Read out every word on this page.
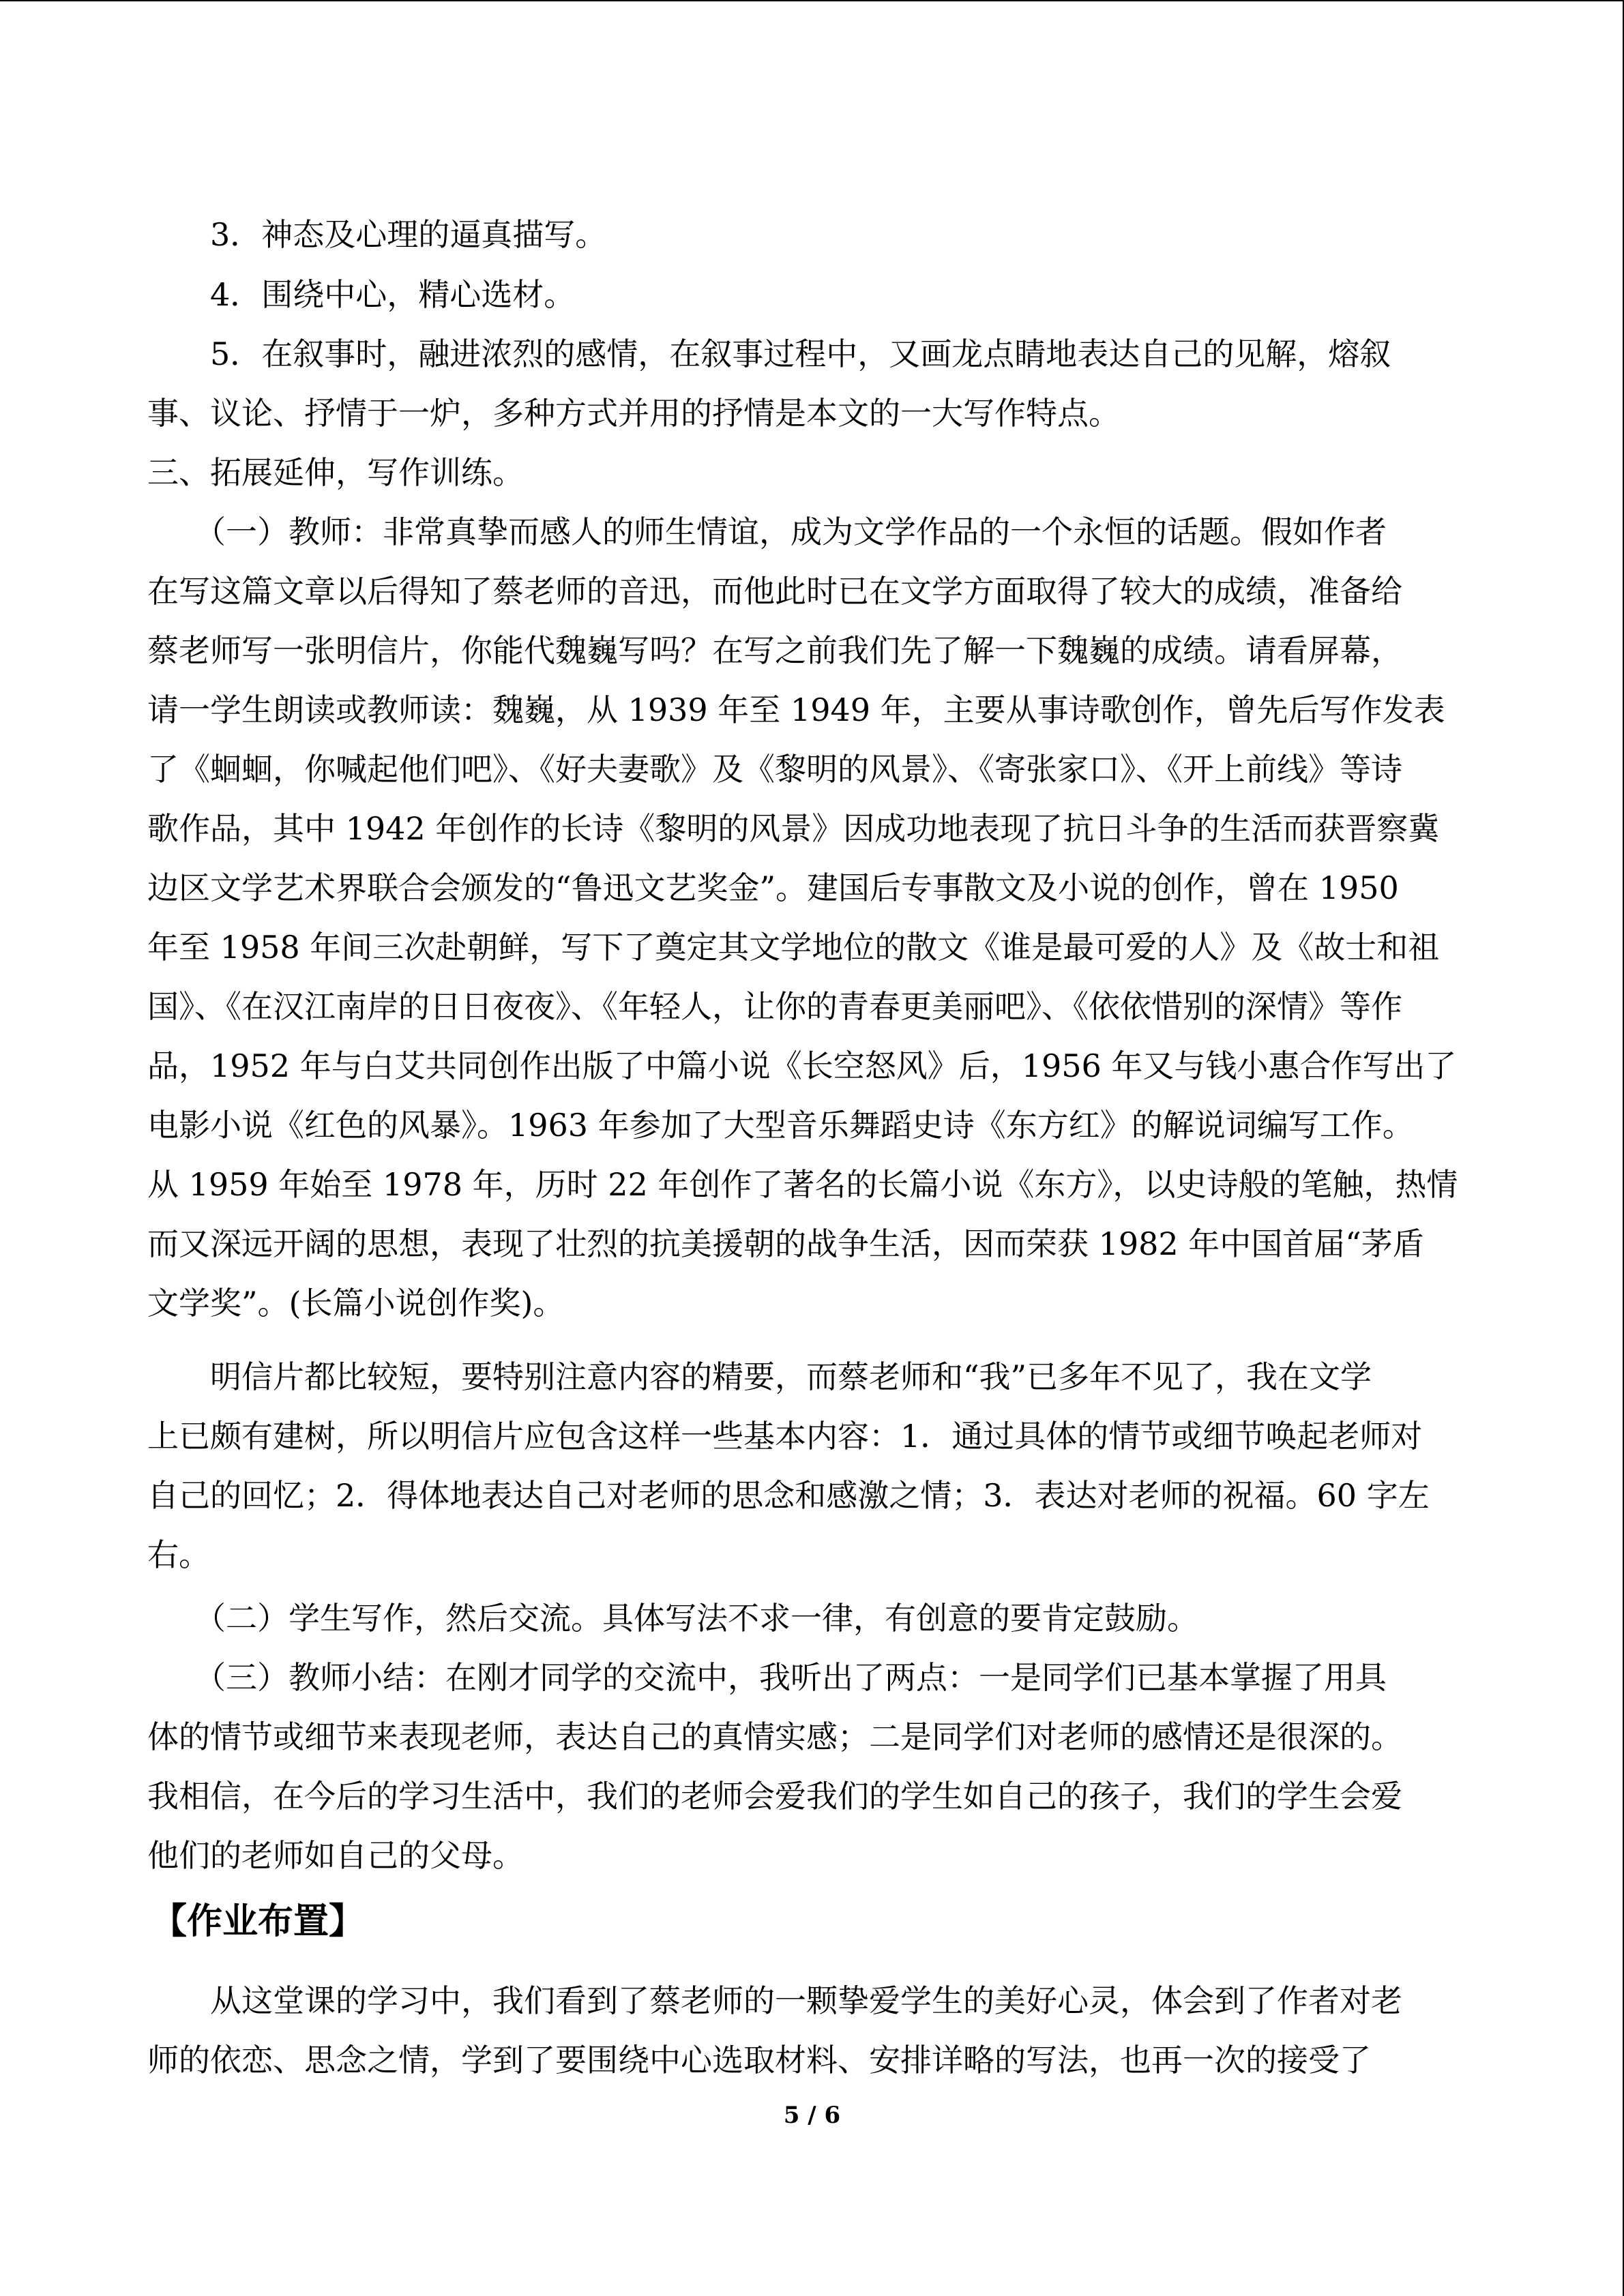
　　3．神态及心理的逼真描写。
　　4．围绕中心，精心选材。
　　5．在叙事时，融进浓烈的感情，在叙事过程中，又画龙点睛地表达自己的见解，熔叙
事、议论、抒情于一炉，多种方式并用的抒情是本文的一大写作特点。
三、拓展延伸，写作训练。
　　（一）教师：非常真挚而感人的师生情谊，成为文学作品的一个永恒的话题。假如作者
在写这篇文章以后得知了蔡老师的音迅，而他此时已在文学方面取得了较大的成绩，准备给
蔡老师写一张明信片，你能代魏巍写吗？在写之前我们先了解一下魏巍的成绩。请看屏幕，
请一学生朗读或教师读：魏巍，从 1939 年至 1949 年，主要从事诗歌创作，曾先后写作发表
了《蛔蛔，你喊起他们吧》、《好夫妻歌》及《黎明的风景》、《寄张家口》、《开上前线》等诗
歌作品，其中 1942 年创作的长诗《黎明的风景》因成功地表现了抗日斗争的生活而获晋察冀
边区文学艺术界联合会颁发的“鲁迅文艺奖金”。建国后专事散文及小说的创作，曾在 1950
年至 1958 年间三次赴朝鲜，写下了奠定其文学地位的散文《谁是最可爱的人》及《故士和祖
国》、《在汉江南岸的日日夜夜》、《年轻人，让你的青春更美丽吧》、《依依惜别的深情》等作
品，1952 年与白艾共同创作出版了中篇小说《长空怒风》后，1956 年又与钱小惠合作写出了
电影小说《红色的风暴》。1963 年参加了大型音乐舞蹈史诗《东方红》的解说词编写工作。
从 1959 年始至 1978 年，历时 22 年创作了著名的长篇小说《东方》，以史诗般的笔触，热情
而又深远开阔的思想，表现了壮烈的抗美援朝的战争生活，因而荣获 1982 年中国首届“茅盾
文学奖”。(长篇小说创作奖)。
　　明信片都比较短，要特别注意内容的精要，而蔡老师和“我”已多年不见了，我在文学
上已颇有建树，所以明信片应包含这样一些基本内容：1．通过具体的情节或细节唤起老师对
自己的回忆；2．得体地表达自己对老师的思念和感激之情；3．表达对老师的祝福。60 字左
右。
　　（二）学生写作，然后交流。具体写法不求一律，有创意的要肯定鼓励。
　　（三）教师小结：在刚才同学的交流中，我听出了两点：一是同学们已基本掌握了用具
体的情节或细节来表现老师，表达自己的真情实感；二是同学们对老师的感情还是很深的。
我相信，在今后的学习生活中，我们的老师会爱我们的学生如自己的孩子，我们的学生会爱
他们的老师如自己的父母。
【作业布置】
　　从这堂课的学习中，我们看到了蔡老师的一颗挚爱学生的美好心灵，体会到了作者对老
师的依恋、思念之情，学到了要围绕中心选取材料、安排详略的写法，也再一次的接受了
5 / 6
